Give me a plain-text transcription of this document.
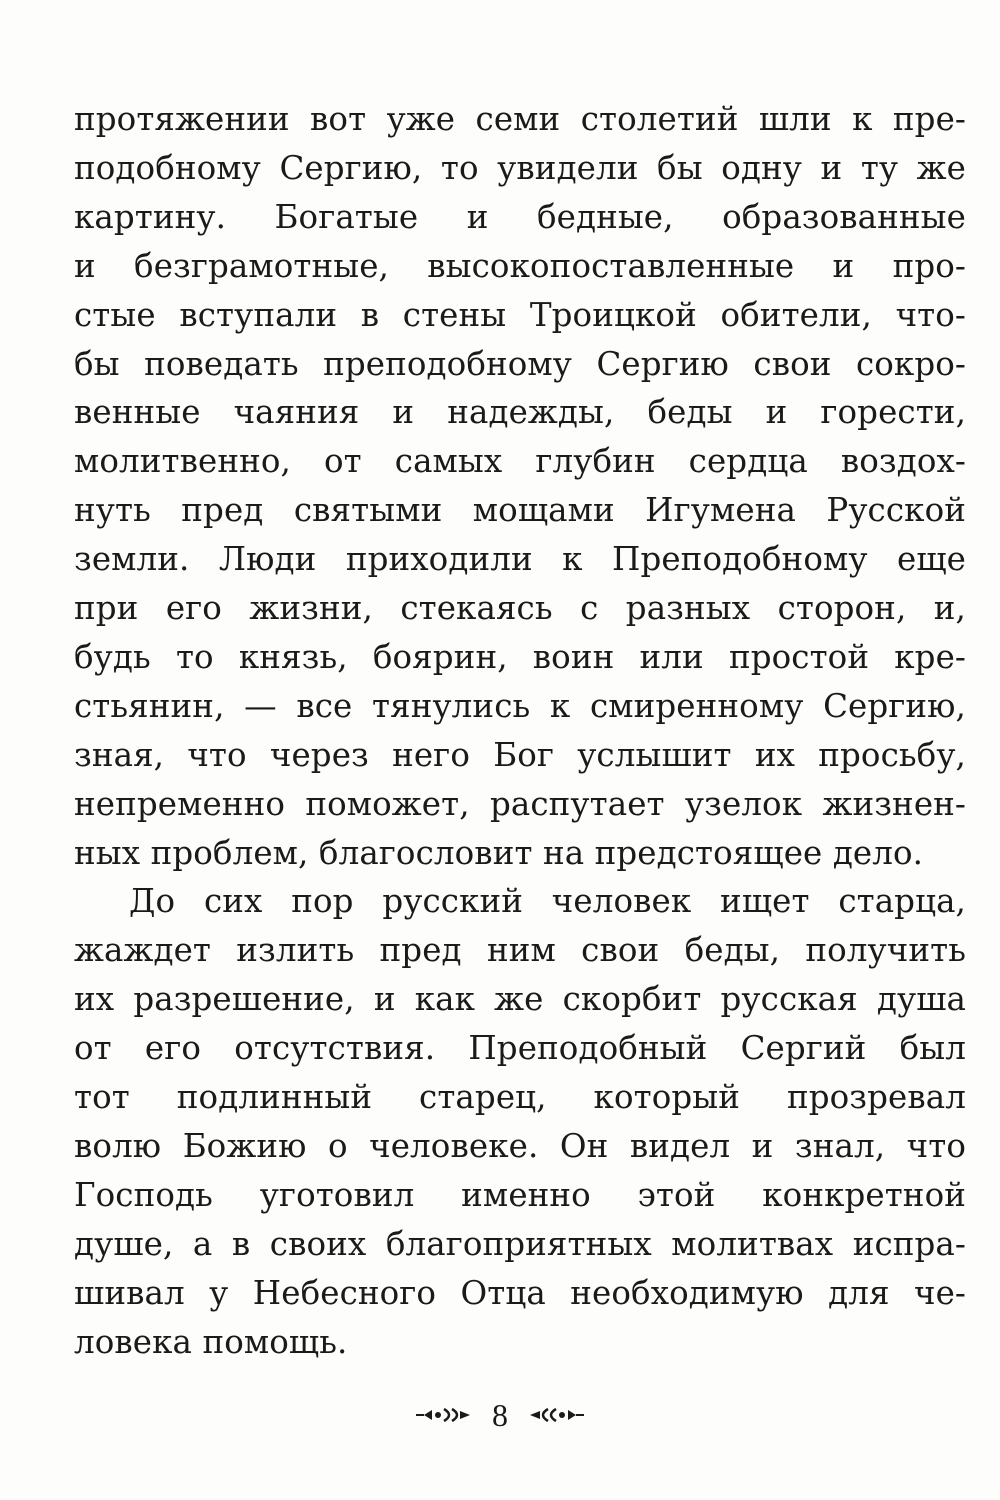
протяжении вот уже семи столетий шли к пре-
подобному Сергию, то увидели бы одну и ту же
картину. Богатые и бедные, образованные
и безграмотные, высокопоставленные и про-
стые вступали в стены Троицкой обители, что-
бы поведать преподобному Сергию свои сокро-
венные чаяния и надежды, беды и горести,
молитвенно, от самых глубин сердца воздох-
нуть пред святыми мощами Игумена Русской
земли. Люди приходили к Преподобному еще
при его жизни, стекаясь с разных сторон, и,
будь то князь, боярин, воин или простой кре-
стьянин, — все тянулись к смиренному Сергию,
зная, что через него Бог услышит их просьбу,
непременно поможет, распутает узелок жизнен-
ных проблем, благословит на предстоящее дело.
До сих пор русский человек ищет старца,
жаждет излить пред ним свои беды, получить
их разрешение, и как же скорбит русская душа
от его отсутствия. Преподобный Сергий был
тот подлинный старец, который прозревал
волю Божию о человеке. Он видел и знал, что
Господь уготовил именно этой конкретной
душе, а в своих благоприятных молитвах испра-
шивал у Небесного Отца необходимую для че-
ловека помощь.
8
